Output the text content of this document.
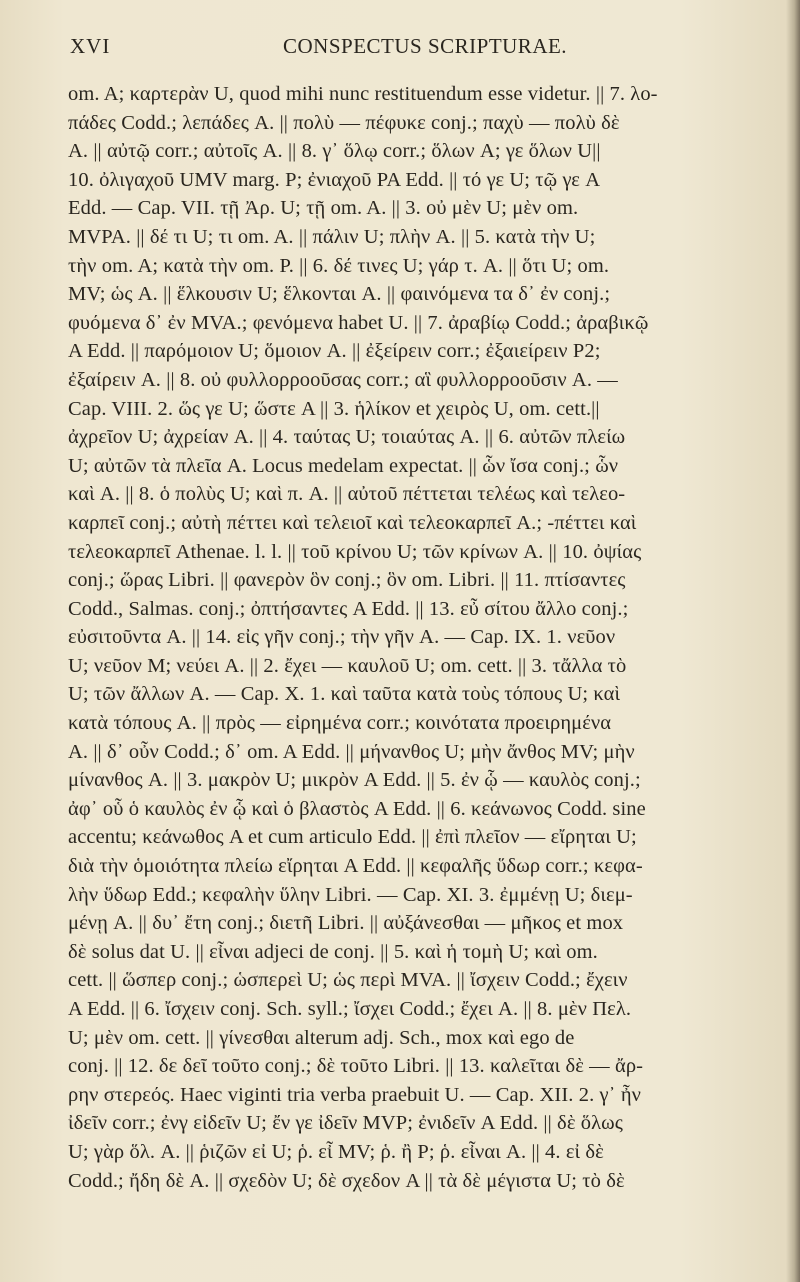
XVI	CONSPECTUS SCRIPTURAE.
om. A; καρτερὰν U, quod mihi nunc restituendum esse videtur. || 7. λο-
πάδες Codd.; λεπάδες A. || πολὺ — πέφυκε conj.; παχὺ — πολὺ δὲ
A. || αὐτῷ corr.; αὐτοῖς A. || 8. γ᾽ ὅλῳ corr.; ὅλων A; γε ὅλων U||
10. ὀλιγαχοῦ UMV marg. P; ἐνιαχοῦ PA Edd. || τό γε U; τῷ γε A
Edd. — Cap. VII. τῇ Ἀρ. U; τῇ om. A. || 3. οὐ μὲν U; μὲν om.
MVPA. || δέ τι U; τι om. A. || πάλιν U; πλὴν A. || 5. κατὰ τὴν U;
τὴν om. A; κατὰ τὴν om. P. || 6. δέ τινες U; γάρ τ. A. || ὅτι U; om.
MV; ὡς A. || ἕλκουσιν U; ἕλκονται A. || φαινόμενα τα δ᾽ ἐν conj.;
φυόμενα δ᾽ ἐν MVA.; φενόμενα habet U. || 7. ἀραβίῳ Codd.; ἀραβικῷ
A Edd. || παρόμοιον U; ὅμοιον A. || ἐξείρειν corr.; ἐξαιείρειν P2;
ἐξαίρειν A. || 8. οὐ φυλλορροοῦσας corr.; αἳ φυλλορροοῦσιν A. —
Cap. VIII. 2. ὥς γε U; ὥστε A || 3. ἡλίκον et χειρὸς U, om. cett.||
ἀχρεῖον U; ἀχρείαν A. || 4. ταύτας U; τοιαύτας A. || 6. αὐτῶν πλείω
U; αὐτῶν τὰ πλεῖα A. Locus medelam expectat. || ὧν ἴσα conj.; ὧν
καὶ A. || 8. ὁ πολὺς U; καὶ π. A. || αὐτοῦ πέττεται τελέως καὶ τελεο-
καρπεῖ conj.; αὐτὴ πέττει καὶ τελειοῖ καὶ τελεοκαρπεῖ A.; -πέττει καὶ
τελεοκαρπεῖ Athenae. l. l. || τοῦ κρίνου U; τῶν κρίνων A. || 10. ὀψίας
conj.; ὥρας Libri. || φανερὸν ὃν conj.; ὃν om. Libri. || 11. πτίσαντες
Codd., Salmas. conj.; ὀπτήσαντες A Edd. || 13. εὖ σίτου ἄλλο conj.;
εὐσιτοῦντα A. || 14. εἰς γῆν conj.; τὴν γῆν A. — Cap. IX. 1. νεῦον
U; νεῦον M; νεύει A. || 2. ἔχει — καυλοῦ U; om. cett. || 3. τἄλλα τὸ
U; τῶν ἄλλων A. — Cap. X. 1. καὶ ταῦτα κατὰ τοὺς τόπους U; καὶ
κατὰ τόπους A. || πρὸς — εἰρημένα corr.; κοινότατα προειρημένα
A. || δ᾽ οὖν Codd.; δ᾽ om. A Edd. || μήνανθος U; μὴν ἄνθος MV; μὴν
μίνανθος A. || 3. μακρὸν U; μικρὸν A Edd. || 5. ἐν ᾧ — καυλὸς conj.;
ἀφ᾽ οὗ ὁ καυλὸς ἐν ᾧ καὶ ὁ βλαστὸς A Edd. || 6. κεάνωνος Codd. sine
accentu; κεάνωθος A et cum articulo Edd. || ἐπὶ πλεῖον — εἴρηται U;
διὰ τὴν ὁμοιότητα πλείω εἴρηται A Edd. || κεφαλῆς ὕδωρ corr.; κεφα-
λὴν ὕδωρ Edd.; κεφαλὴν ὕλην Libri. — Cap. XI. 3. ἐμμένῃ U; διεμ-
μένῃ A. || δυ᾽ ἔτη conj.; διετῆ Libri. || αὐξάνεσθαι — μῆκος et mox
δὲ solus dat U. || εἶναι adjeci de conj. || 5. καὶ ἡ τομὴ U; καὶ om.
cett. || ὥσπερ conj.; ὡσπερεὶ U; ὡς περὶ MVA. || ἴσχειν Codd.; ἔχειν
A Edd. || 6. ἴσχειν conj. Sch. syll.; ἴσχει Codd.; ἔχει A. || 8. μὲν Πελ.
U; μὲν om. cett. || γίνεσθαι alterum adj. Sch., mox καὶ ego de
conj. || 12. δε δεῖ τοῦτο conj.; δὲ τοῦτο Libri. || 13. καλεῖται δὲ — ἄρ-
ρην στερεός. Haec viginti tria verba praebuit U. — Cap. XII. 2. γ᾽ ἦν
ἰδεῖν corr.; ἐνγ εἰδεῖν U; ἔν γε ἰδεῖν MVP; ἐνιδεῖν A Edd. || δὲ ὅλως
U; γὰρ ὅλ. A. || ῥιζῶν εἰ U; ῥ. εἶ MV; ῥ. ἢ P; ῥ. εἶναι A. || 4. εἰ δὲ
Codd.; ἤδη δὲ A. || σχεδὸν U; δὲ σχεδον A || τὰ δὲ μέγιστα U; τὸ δὲ
